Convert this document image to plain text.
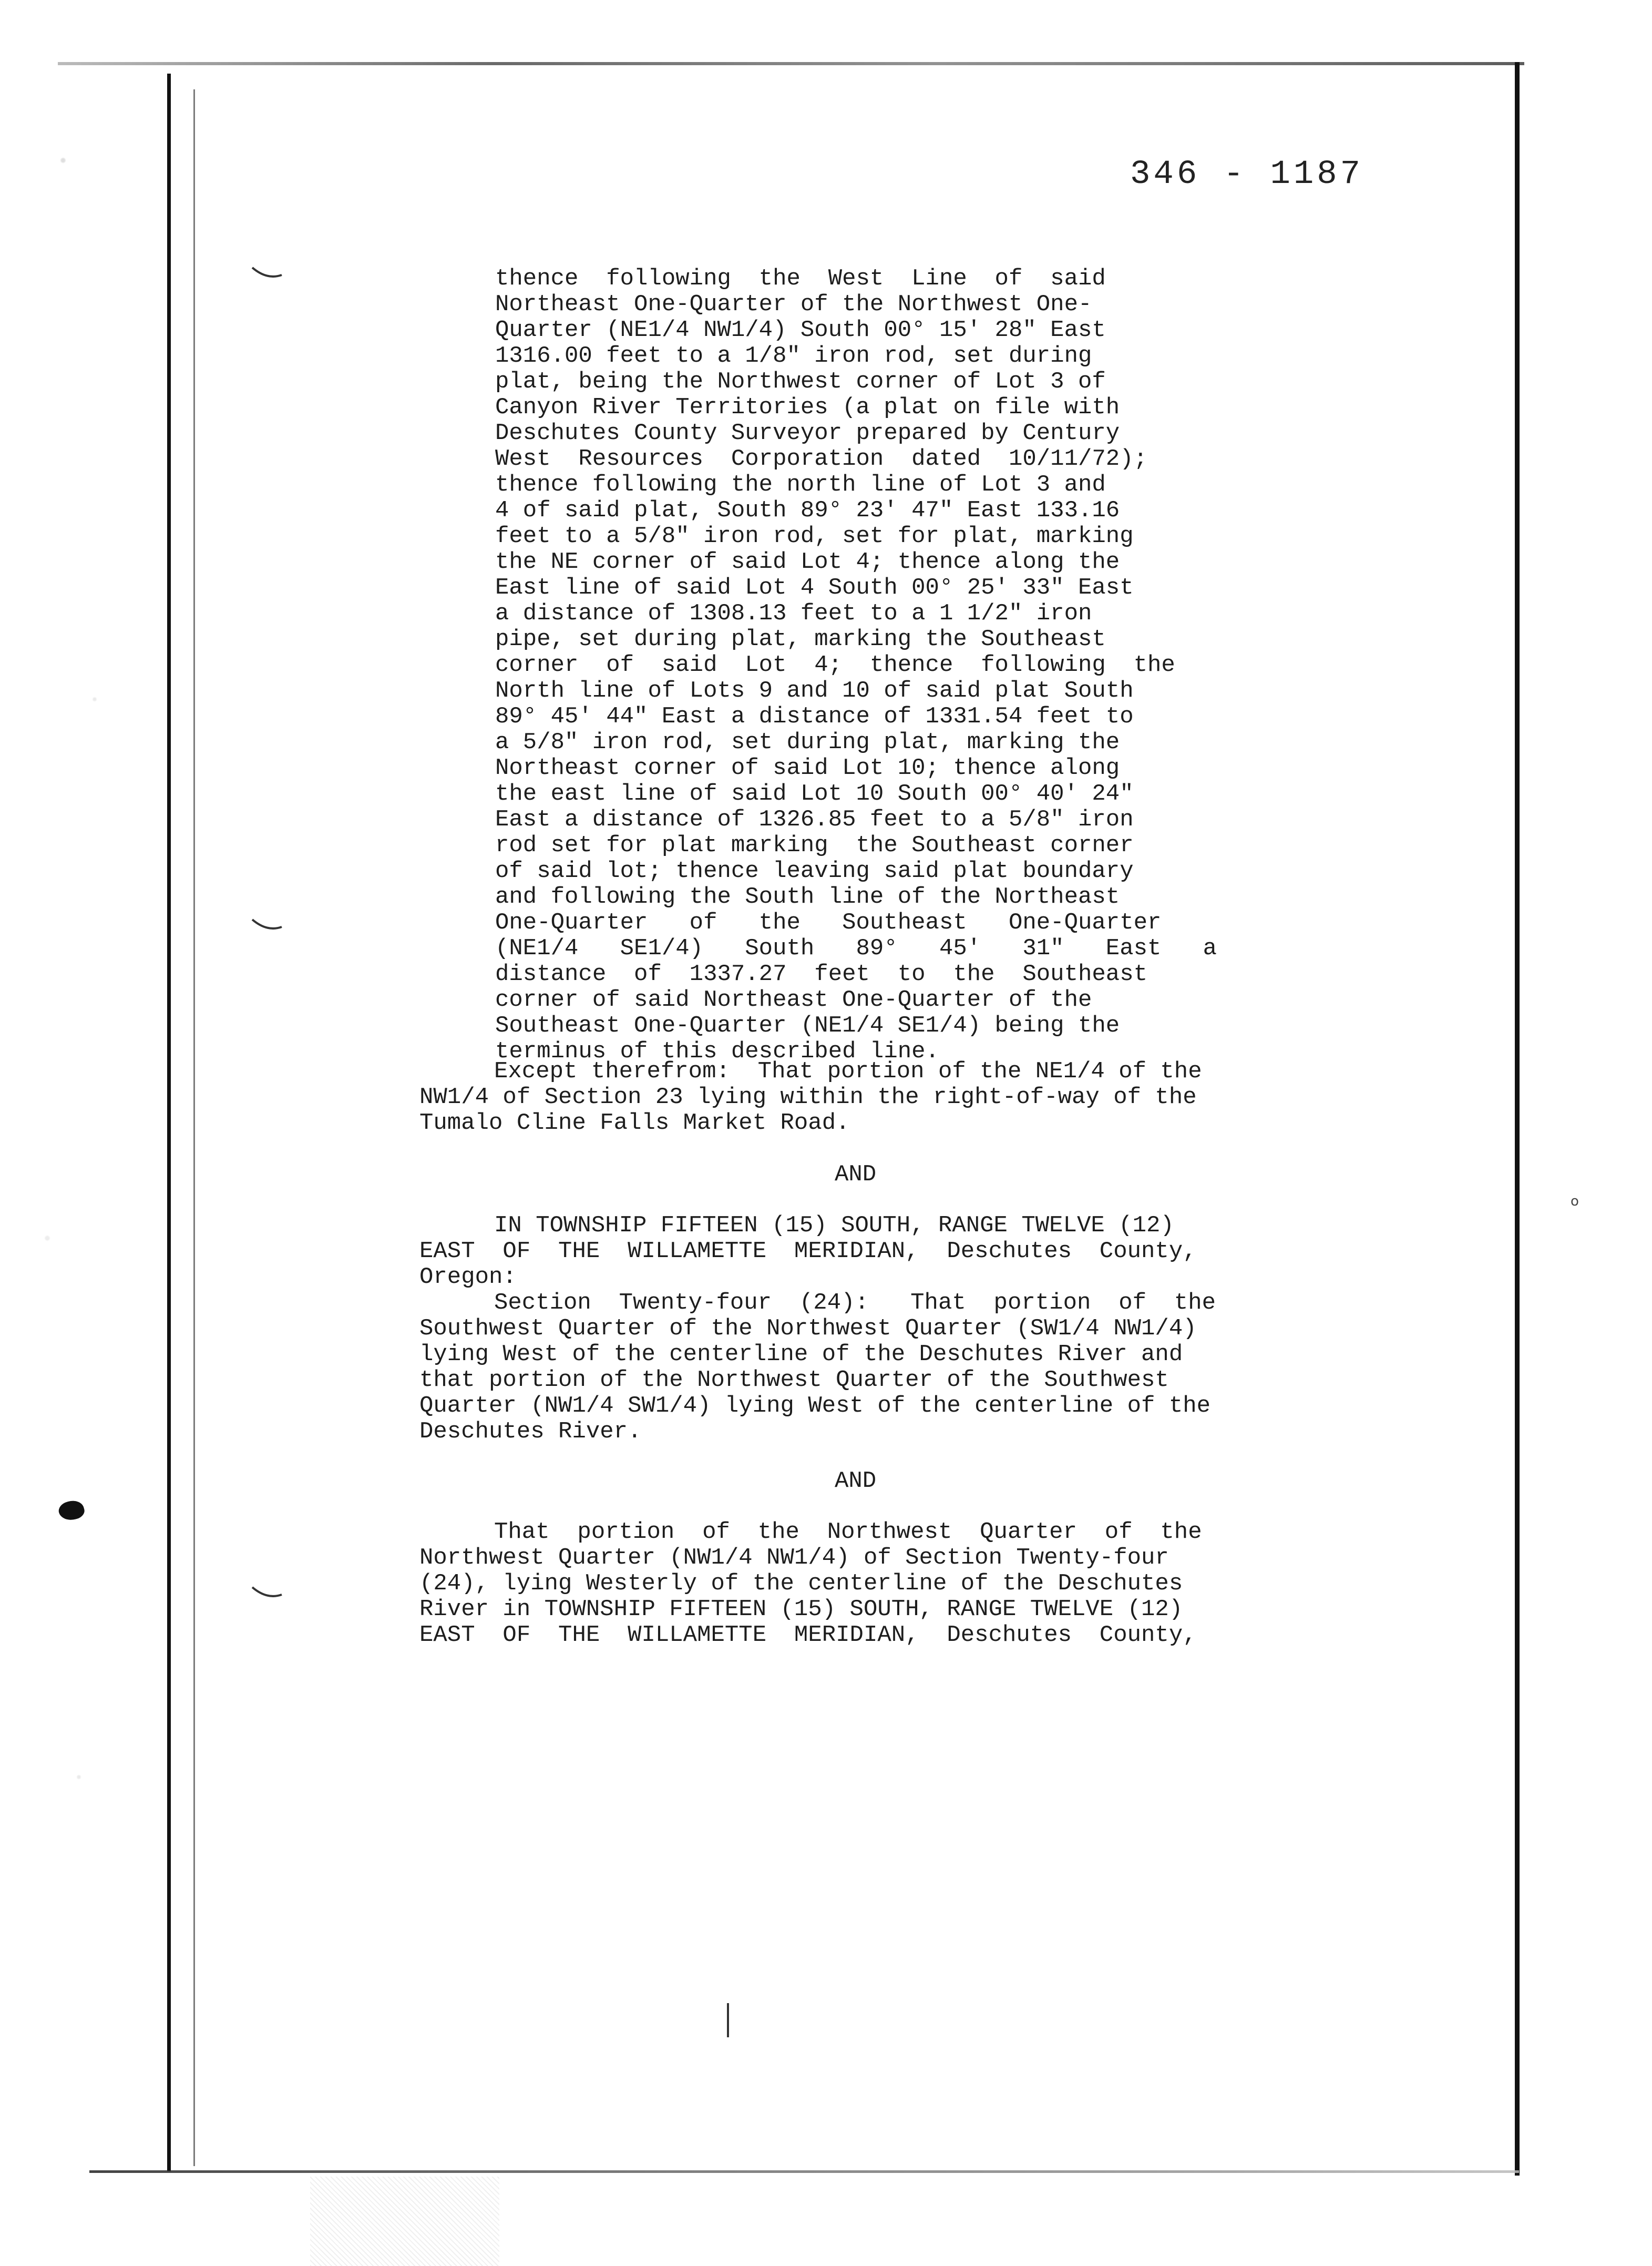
o
346 - 1187
thence  following  the  West  Line  of  said
Northeast One-Quarter of the Northwest One-
Quarter (NE1/4 NW1/4) South 00° 15' 28" East
1316.00 feet to a 1/8" iron rod, set during
plat, being the Northwest corner of Lot 3 of
Canyon River Territories (a plat on file with
Deschutes County Surveyor prepared by Century
West  Resources  Corporation  dated  10/11/72);
thence following the north line of Lot 3 and
4 of said plat, South 89° 23' 47" East 133.16
feet to a 5/8" iron rod, set for plat, marking
the NE corner of said Lot 4; thence along the
East line of said Lot 4 South 00° 25' 33" East
a distance of 1308.13 feet to a 1 1/2" iron
pipe, set during plat, marking the Southeast
corner  of  said  Lot  4;  thence  following  the
North line of Lots 9 and 10 of said plat South
89° 45' 44" East a distance of 1331.54 feet to
a 5/8" iron rod, set during plat, marking the
Northeast corner of said Lot 10; thence along
the east line of said Lot 10 South 00° 40' 24"
East a distance of 1326.85 feet to a 5/8" iron
rod set for plat marking  the Southeast corner
of said lot; thence leaving said plat boundary
and following the South line of the Northeast
One-Quarter   of   the   Southeast   One-Quarter
(NE1/4   SE1/4)   South   89°   45'   31"   East   a
distance  of  1337.27  feet  to  the  Southeast
corner of said Northeast One-Quarter of the
Southeast One-Quarter (NE1/4 SE1/4) being the
terminus of this described line.
Except therefrom:  That portion of the NE1/4 of the
NW1/4 of Section 23 lying within the right-of-way of the
Tumalo Cline Falls Market Road.
AND
IN TOWNSHIP FIFTEEN (15) SOUTH, RANGE TWELVE (12)
EAST  OF  THE  WILLAMETTE  MERIDIAN,  Deschutes  County,
Oregon:
Section  Twenty-four  (24):   That  portion  of  the
Southwest Quarter of the Northwest Quarter (SW1/4 NW1/4)
lying West of the centerline of the Deschutes River and
that portion of the Northwest Quarter of the Southwest
Quarter (NW1/4 SW1/4) lying West of the centerline of the
Deschutes River.
AND
That  portion  of  the  Northwest  Quarter  of  the
Northwest Quarter (NW1/4 NW1/4) of Section Twenty-four
(24), lying Westerly of the centerline of the Deschutes
River in TOWNSHIP FIFTEEN (15) SOUTH, RANGE TWELVE (12)
EAST  OF  THE  WILLAMETTE  MERIDIAN,  Deschutes  County,
